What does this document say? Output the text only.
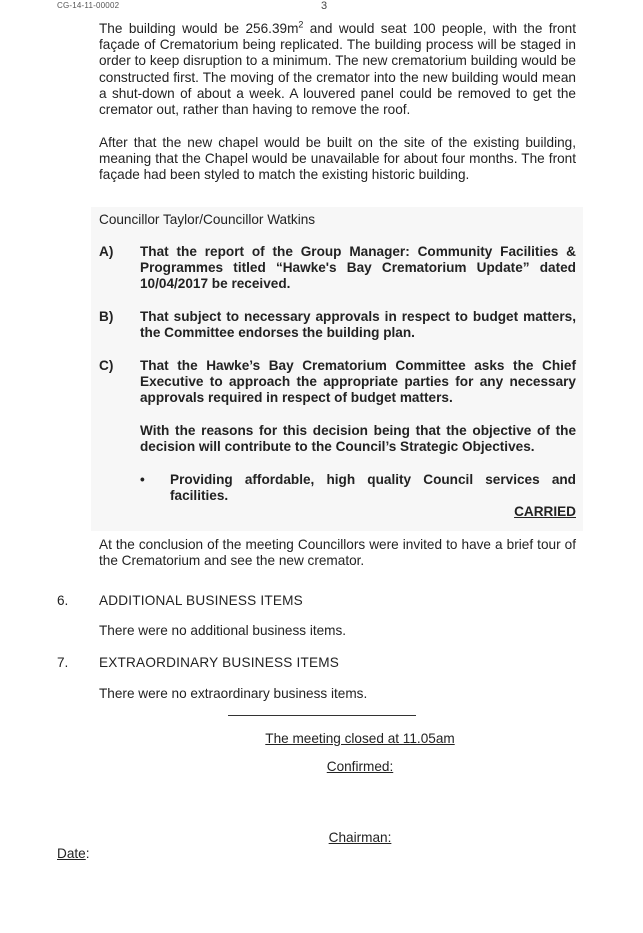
CG-14-11-00002	3
The building would be $256.39m^2$ and would seat 100 people, with the front façade of Crematorium being replicated. The building process will be staged in order to keep disruption to a minimum. The new crematorium building would be constructed first. The moving of the cremator into the new building would mean a shut-down of about a week. A louvered panel could be removed to get the cremator out, rather than having to remove the roof.
After that the new chapel would be built on the site of the existing building, meaning that the Chapel would be unavailable for about four months. The front façade had been styled to match the existing historic building.
Councillor Taylor/Councillor Watkins
A) That the report of the Group Manager: Community Facilities & Programmes titled “Hawke's Bay Crematorium Update” dated 10/04/2017 be received.
B) That subject to necessary approvals in respect to budget matters, the Committee endorses the building plan.
C) That the Hawke’s Bay Crematorium Committee asks the Chief Executive to approach the appropriate parties for any necessary approvals required in respect of budget matters.
With the reasons for this decision being that the objective of the decision will contribute to the Council’s Strategic Objectives.
• Providing affordable, high quality Council services and facilities.
CARRIED
At the conclusion of the meeting Councillors were invited to have a brief tour of the Crematorium and see the new cremator.
6. ADDITIONAL BUSINESS ITEMS
There were no additional business items.
7. EXTRAORDINARY BUSINESS ITEMS
There were no extraordinary business items.
The meeting closed at 11.05am
Confirmed:
Chairman:
Date:
